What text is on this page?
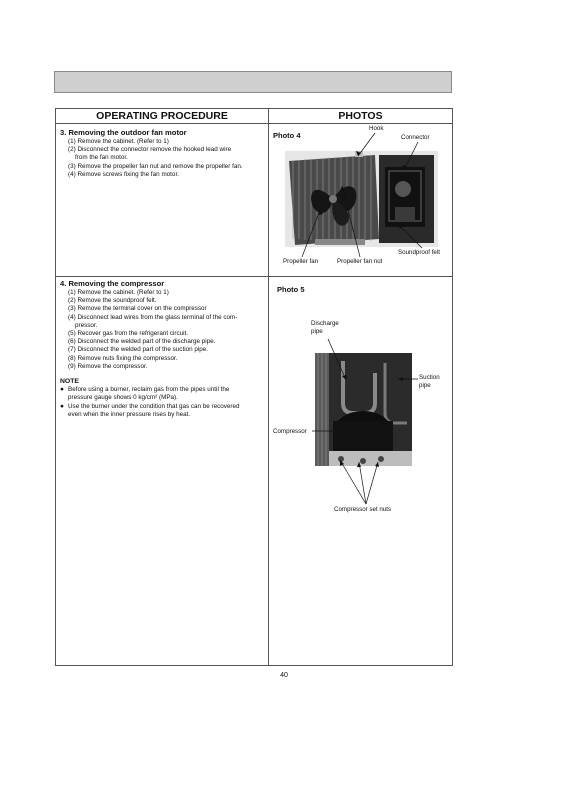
OPERATING PROCEDURE	PHOTOS
3. Removing the outdoor fan motor
(1) Remove the cabinet. (Refer to 1)
(2) Disconnect the connector remove the hooked lead wire
from the fan motor.
(3) Remove the propeller fan nut and remove the propeller fan.
(4) Remove screws fixing the fan motor.
4. Removing the compressor
(1) Remove the cabinet. (Refer to 1)
(2) Remove the soundproof felt.
(3) Remove the terminal cover on the compressor
(4) Disconnect lead wires from the glass terminal of the com-
pressor.
(5) Recover gas from the refrigerant circuit.
(6) Disconnect the welded part of the discharge pipe.
(7) Disconnect the welded part of the suction pipe.
(8) Remove nuts fixing the compressor.
(9) Remove the compressor.
NOTE
● Before using a burner, reclaim gas from the pipes until the
pressure gauge shows 0 kg/cm² (MPa).
● Use the burner under the condition that gas can be recovered
even when the inner pressure rises by heat.
Photo 4
Hook
Connector
Soundproof felt
Propeller fan	Propeller fan nut
Photo 5
Discharge
pipe
Suction
pipe
Compressor
Compressor set nuts
40
